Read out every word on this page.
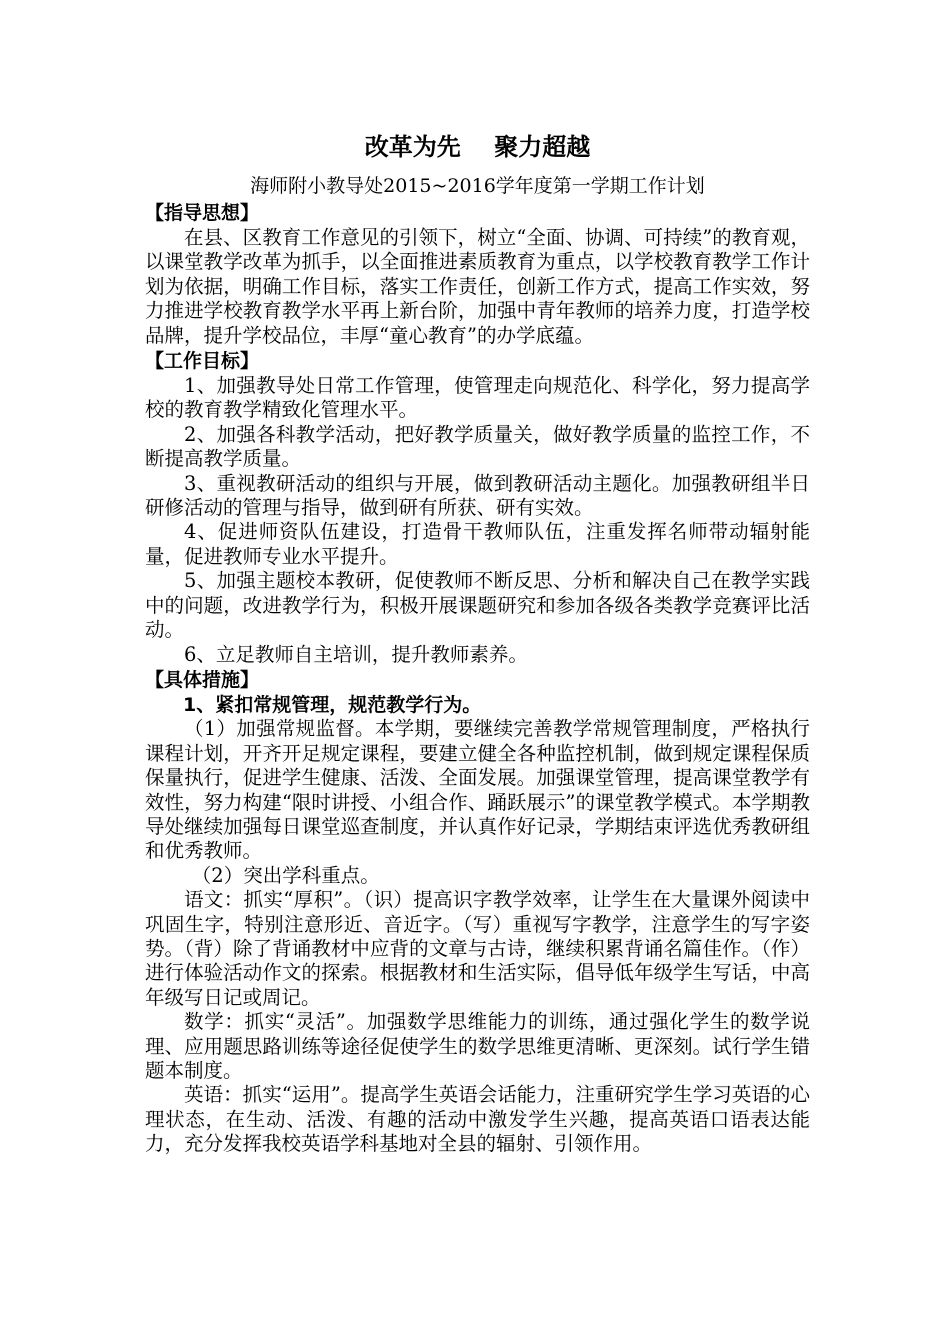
改革为先    聚力超越

海师附小教导处2015~2016学年度第一学期工作计划

【指导思想】

在县、区教育工作意见的引领下，树立“全面、协调、可持续”的教育观，以课堂教学改革为抓手，以全面推进素质教育为重点，以学校教育教学工作计划为依据，明确工作目标，落实工作责任，创新工作方式，提高工作实效，努力推进学校教育教学水平再上新台阶，加强中青年教师的培养力度，打造学校品牌，提升学校品位，丰厚“童心教育”的办学底蕴。

【工作目标】

1、加强教导处日常工作管理，使管理走向规范化、科学化，努力提高学校的教育教学精致化管理水平。

2、加强各科教学活动，把好教学质量关，做好教学质量的监控工作，不断提高教学质量。

3、重视教研活动的组织与开展，做到教研活动主题化。加强教研组半日研修活动的管理与指导，做到研有所获、研有实效。

4、促进师资队伍建设，打造骨干教师队伍，注重发挥名师带动辐射能量，促进教师专业水平提升。

5、加强主题校本教研，促使教师不断反思、分析和解决自己在教学实践中的问题，改进教学行为，积极开展课题研究和参加各级各类教学竞赛评比活动。

6、立足教师自主培训，提升教师素养。

【具体措施】

1、紧扣常规管理，规范教学行为。

（1）加强常规监督。本学期，要继续完善教学常规管理制度，严格执行课程计划，开齐开足规定课程，要建立健全各种监控机制，做到规定课程保质保量执行，促进学生健康、活泼、全面发展。加强课堂管理，提高课堂教学有效性，努力构建“限时讲授、小组合作、踊跃展示”的课堂教学模式。本学期教导处继续加强每日课堂巡查制度，并认真作好记录，学期结束评选优秀教研组和优秀教师。

（2）突出学科重点。

语文：抓实“厚积”。（识）提高识字教学效率，让学生在大量课外阅读中巩固生字，特别注意形近、音近字。（写）重视写字教学，注意学生的写字姿势。（背）除了背诵教材中应背的文章与古诗，继续积累背诵名篇佳作。（作）进行体验活动作文的探索。根据教材和生活实际，倡导低年级学生写话，中高年级写日记或周记。

数学：抓实“灵活”。加强数学思维能力的训练，通过强化学生的数学说理、应用题思路训练等途径促使学生的数学思维更清晰、更深刻。试行学生错题本制度。

英语：抓实“运用”。提高学生英语会话能力，注重研究学生学习英语的心理状态，在生动、活泼、有趣的活动中激发学生兴趣，提高英语口语表达能力，充分发挥我校英语学科基地对全县的辐射、引领作用。
